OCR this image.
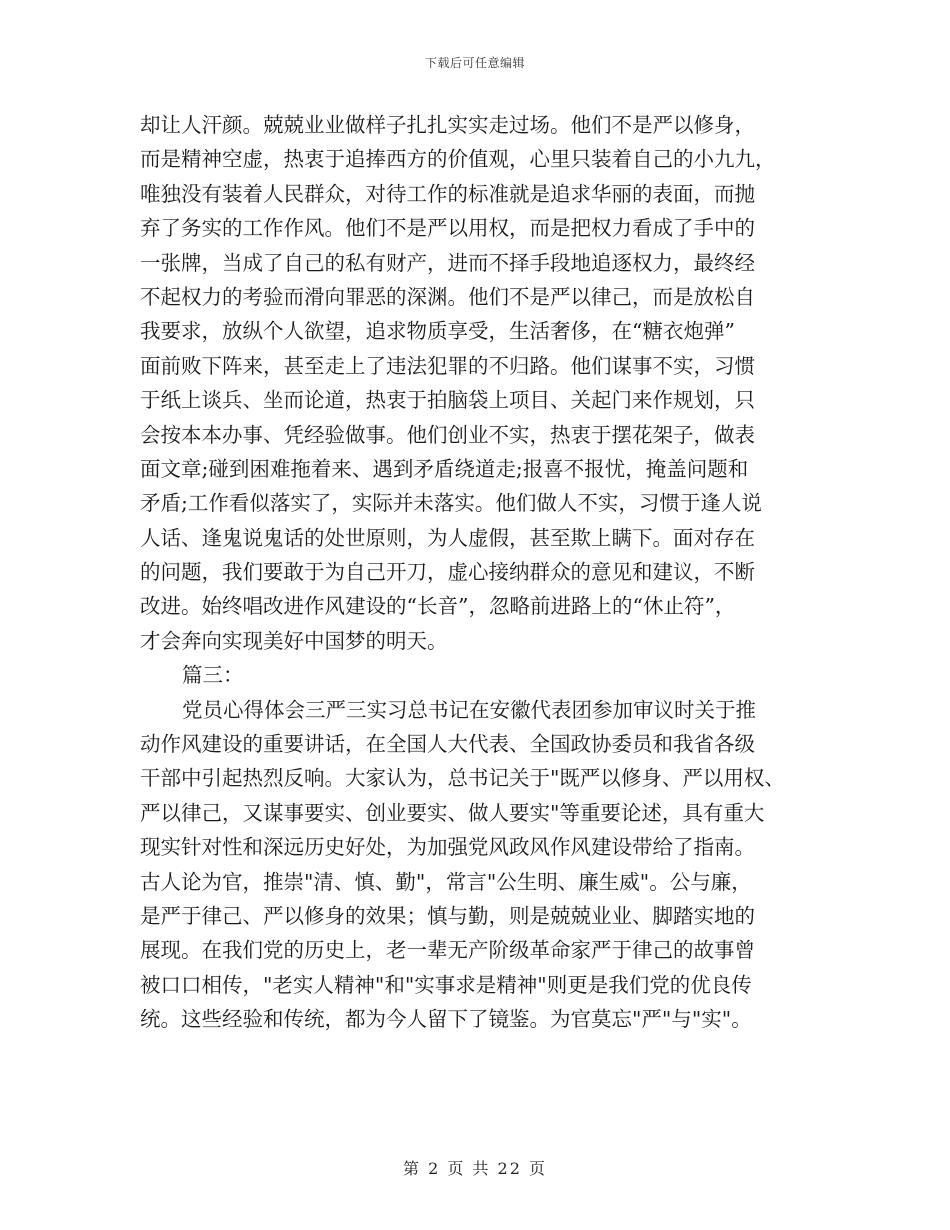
下载后可任意编辑
却让人汗颜。兢兢业业做样子扎扎实实走过场。他们不是严以修身，
而是精神空虚，热衷于追捧西方的价值观，心里只装着自己的小九九，
唯独没有装着人民群众，对待工作的标准就是追求华丽的表面，而抛
弃了务实的工作作风。他们不是严以用权，而是把权力看成了手中的
一张牌，当成了自己的私有财产，进而不择手段地追逐权力，最终经
不起权力的考验而滑向罪恶的深渊。他们不是严以律己，而是放松自
我要求，放纵个人欲望，追求物质享受，生活奢侈，在“糖衣炮弹”
面前败下阵来，甚至走上了违法犯罪的不归路。他们谋事不实，习惯
于纸上谈兵、坐而论道，热衷于拍脑袋上项目、关起门来作规划，只
会按本本办事、凭经验做事。他们创业不实，热衷于摆花架子，做表
面文章;碰到困难拖着来、遇到矛盾绕道走;报喜不报忧，掩盖问题和
矛盾;工作看似落实了，实际并未落实。他们做人不实，习惯于逢人说
人话、逢鬼说鬼话的处世原则，为人虚假，甚至欺上瞒下。面对存在
的问题，我们要敢于为自己开刀，虚心接纳群众的意见和建议，不断
改进。始终唱改进作风建设的“长音”，忽略前进路上的“休止符”，
才会奔向实现美好中国梦的明天。
篇三：
党员心得体会三严三实习总书记在安徽代表团参加审议时关于推
动作风建设的重要讲话，在全国人大代表、全国政协委员和我省各级
干部中引起热烈反响。大家认为，总书记关于"既严以修身、严以用权、
严以律己，又谋事要实、创业要实、做人要实"等重要论述，具有重大
现实针对性和深远历史好处，为加强党风政风作风建设带给了指南。
古人论为官，推崇"清、慎、勤"，常言"公生明、廉生威"。公与廉，
是严于律己、严以修身的效果；慎与勤，则是兢兢业业、脚踏实地的
展现。在我们党的历史上，老一辈无产阶级革命家严于律己的故事曾
被口口相传，"老实人精神"和"实事求是精神"则更是我们党的优良传
统。这些经验和传统，都为今人留下了镜鉴。为官莫忘"严"与"实"。
第 2 页 共 22 页
